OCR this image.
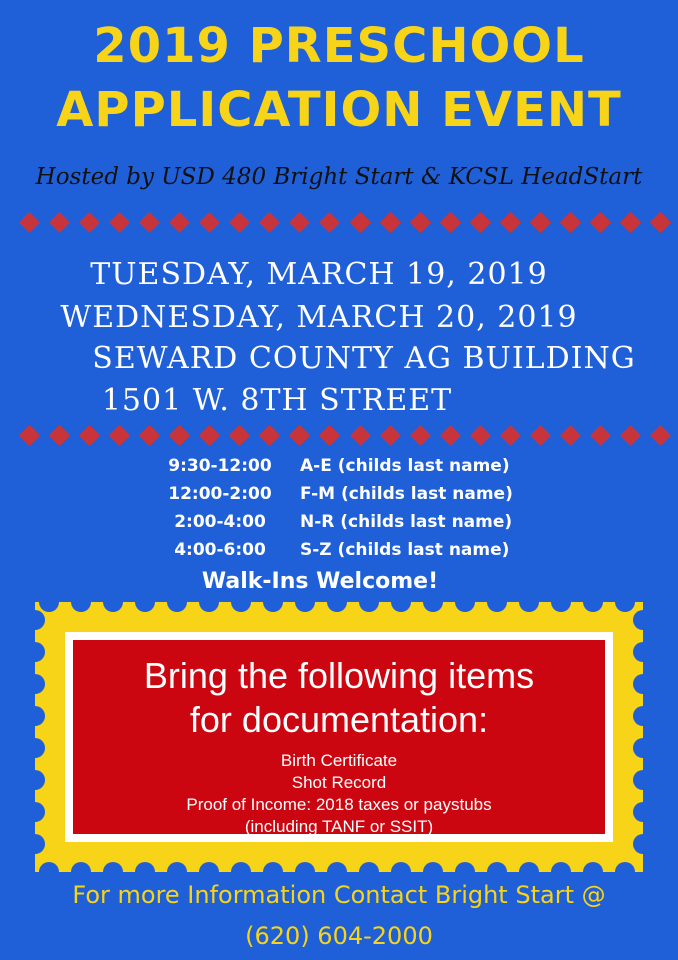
2019 PRESCHOOL
APPLICATION EVENT
Hosted by USD 480 Bright Start & KCSL HeadStart
TUESDAY, MARCH 19, 2019
WEDNESDAY, MARCH 20, 2019
SEWARD COUNTY AG BUILDING
1501 W. 8TH STREET
9:30-12:00	A-E (childs last name)
12:00-2:00	F-M (childs last name)
2:00-4:00	N-R (childs last name)
4:00-6:00	S-Z (childs last name)
Walk-Ins Welcome!
Bring the following items
for documentation:
Birth Certificate
Shot Record
Proof of Income: 2018 taxes or paystubs
(including TANF or SSIT)
For more Information Contact Bright Start @
(620) 604-2000
